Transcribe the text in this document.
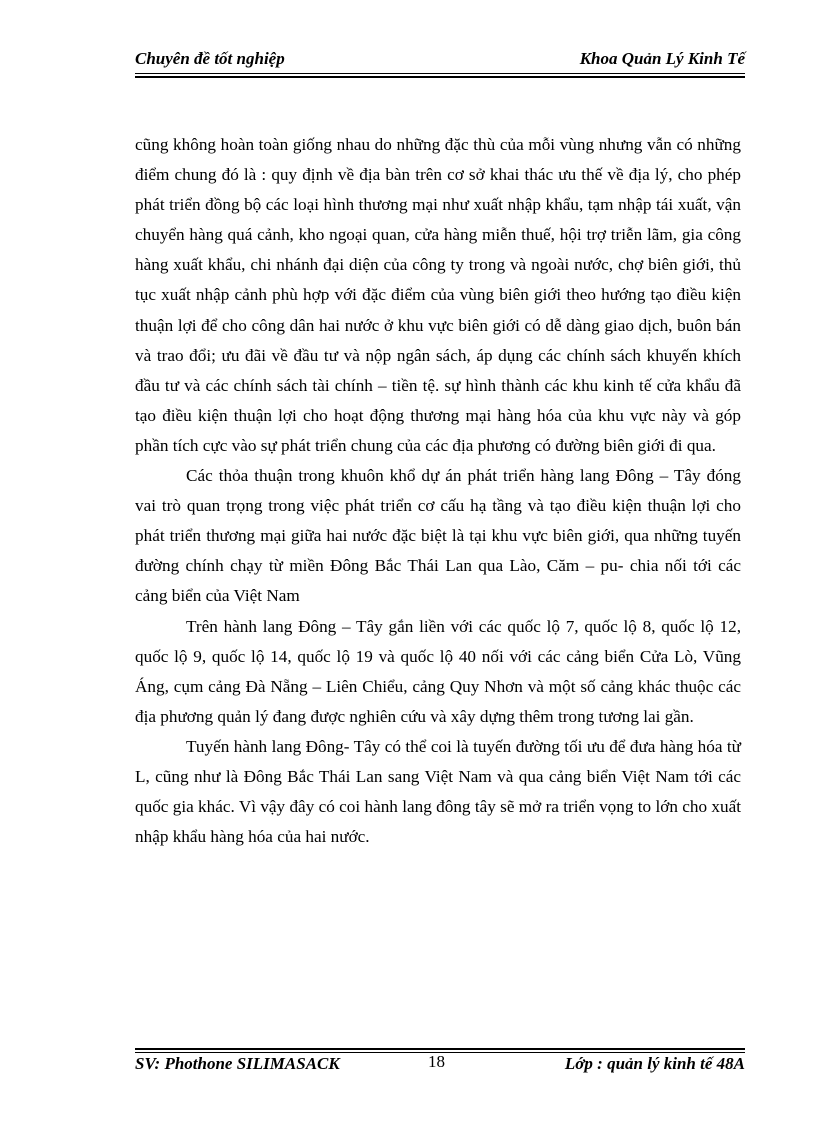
Chuyên đề tốt nghiệp	Khoa Quản Lý Kinh Tế

cũng không hoàn toàn giống nhau do những đặc thù của mỗi vùng nhưng vẫn có những điểm chung đó là : quy định về địa bàn trên cơ sở khai thác ưu thế về địa lý, cho phép phát triển đồng bộ các loại hình thương mại như xuất nhập khẩu, tạm nhập tái xuất, vận chuyển hàng quá cảnh, kho ngoại quan, cửa hàng miễn thuế, hội trợ triễn lãm, gia công hàng xuất khẩu, chi nhánh đại diện của công ty trong và ngoài nước, chợ biên giới, thủ tục xuất nhập cảnh phù hợp với đặc điểm của vùng biên giới theo hướng tạo điều kiện thuận lợi để cho công dân hai nước ở khu vực biên giới có dễ dàng giao dịch, buôn bán và trao đổi; ưu đãi về đầu tư và nộp ngân sách, áp dụng các chính sách khuyến khích đầu tư và các chính sách tài chính – tiền tệ. sự hình thành các khu kinh tế cửa khẩu đã tạo điều kiện thuận lợi cho hoạt động thương mại hàng hóa của khu vực này và góp phần tích cực vào sự phát triển chung của các địa phương có đường biên giới đi qua.

Các thỏa thuận trong khuôn khổ dự án phát triển hàng lang Đông – Tây đóng vai trò quan trọng trong việc phát triển cơ cấu hạ tầng và tạo điều kiện thuận lợi cho phát triển thương mại giữa hai nước đặc biệt là tại khu vực biên giới, qua những tuyến đường chính chạy từ miền Đông Bắc Thái Lan qua Lào, Căm – pu- chia nối tới các cảng biển của Việt Nam

Trên hành lang Đông – Tây gắn liền với các quốc lộ 7, quốc lộ 8, quốc lộ 12, quốc lộ 9, quốc lộ 14, quốc lộ 19 và quốc lộ 40 nối với các cảng biển Cửa Lò, Vũng Áng, cụm cảng Đà Nẵng – Liên Chiểu, cảng Quy Nhơn và một số cảng khác thuộc các địa phương quản lý đang được nghiên cứu và xây dựng thêm trong tương lai gần.

Tuyến hành lang Đông- Tây có thể coi là tuyến đường tối ưu để đưa hàng hóa từ L, cũng như là Đông Bắc Thái Lan sang Việt Nam và qua cảng biển Việt Nam tới các quốc gia khác. Vì vậy đây có coi hành lang đông tây sẽ mở ra triển vọng to lớn cho xuất nhập khẩu hàng hóa của hai nước.

SV: Phothone SILIMASACK	18	Lớp : quản lý kinh tế 48A
